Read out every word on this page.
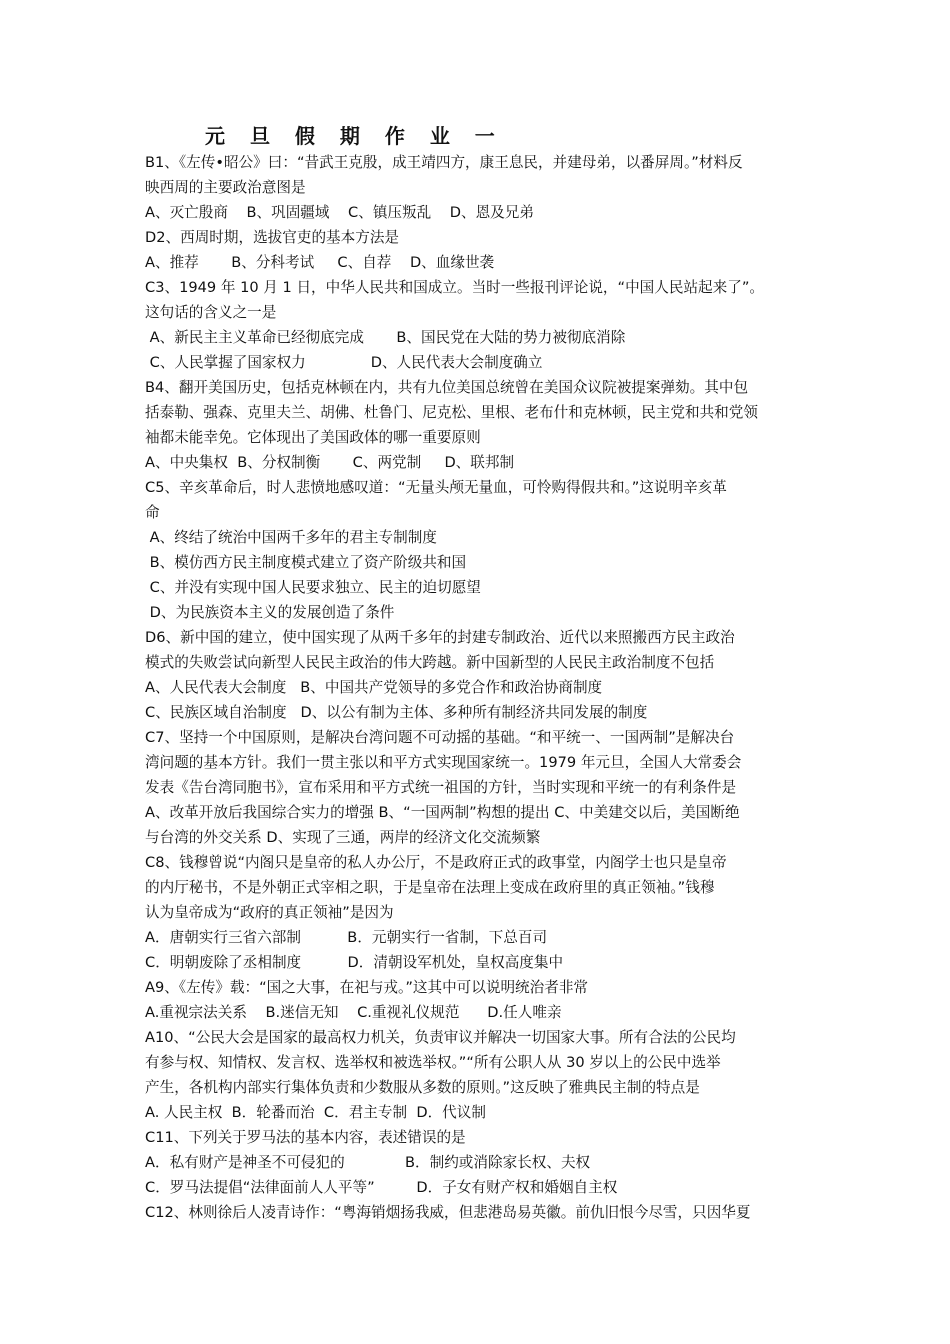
元 旦 假 期 作 业 一
B1、《左传•昭公》曰：“昔武王克殷，成王靖四方，康王息民，并建母弟，以番屏周。”材料反
映西周的主要政治意图是
A、灭亡殷商    B、巩固疆域    C、镇压叛乱    D、恩及兄弟
D2、西周时期，选拔官吏的基本方法是
A、推荐       B、分科考试     C、自荐    D、血缘世袭
C3、1949 年 10 月 1 日，中华人民共和国成立。当时一些报刊评论说，“中国人民站起来了”。
这句话的含义之一是
A、新民主主义革命已经彻底完成       B、国民党在大陆的势力被彻底消除
C、人民掌握了国家权力              D、人民代表大会制度确立
B4、翻开美国历史，包括克林顿在内，共有九位美国总统曾在美国众议院被提案弹劾。其中包
括泰勒、强森、克里夫兰、胡佛、杜鲁门、尼克松、里根、老布什和克林顿，民主党和共和党领
袖都未能幸免。它体现出了美国政体的哪一重要原则
A、中央集权  B、分权制衡       C、两党制     D、联邦制
C5、辛亥革命后，时人悲愤地感叹道：“无量头颅无量血，可怜购得假共和。”这说明辛亥革
命
A、终结了统治中国两千多年的君主专制制度
B、模仿西方民主制度模式建立了资产阶级共和国
C、并没有实现中国人民要求独立、民主的迫切愿望
D、为民族资本主义的发展创造了条件
D6、新中国的建立，使中国实现了从两千多年的封建专制政治、近代以来照搬西方民主政治
模式的失败尝试向新型人民民主政治的伟大跨越。新中国新型的人民民主政治制度不包括
A、人民代表大会制度   B、中国共产党领导的多党合作和政治协商制度
C、民族区域自治制度   D、以公有制为主体、多种所有制经济共同发展的制度
C7、坚持一个中国原则，是解决台湾问题不可动摇的基础。“和平统一、一国两制”是解决台
湾问题的基本方针。我们一贯主张以和平方式实现国家统一。1979 年元旦，全国人大常委会
发表《告台湾同胞书》，宣布采用和平方式统一祖国的方针，当时实现和平统一的有利条件是
A、改革开放后我国综合实力的增强 B、“一国两制”构想的提出 C、中美建交以后，美国断绝
与台湾的外交关系 D、实现了三通，两岸的经济文化交流频繁
C8、钱穆曾说“内阁只是皇帝的私人办公厅，不是政府正式的政事堂，内阁学士也只是皇帝
的内厅秘书，不是外朝正式宰相之职，于是皇帝在法理上变成在政府里的真正领袖。”钱穆
认为皇帝成为“政府的真正领袖”是因为
A．唐朝实行三省六部制          B．元朝实行一省制，下总百司
C．明朝废除了丞相制度          D．清朝设军机处，皇权高度集中
A9、《左传》载：“国之大事，在祀与戎。”这其中可以说明统治者非常
A.重视宗法关系    B.迷信无知    C.重视礼仪规范      D.任人唯亲
A10、“公民大会是国家的最高权力机关，负责审议并解决一切国家大事。所有合法的公民均
有参与权、知情权、发言权、选举权和被选举权。”“所有公职人从 30 岁以上的公民中选举
产生，各机构内部实行集体负责和少数服从多数的原则。”这反映了雅典民主制的特点是
A. 人民主权  B．轮番而治  C．君主专制  D．代议制
C11、下列关于罗马法的基本内容，表述错误的是
A．私有财产是神圣不可侵犯的             B．制约或消除家长权、夫权
C．罗马法提倡“法律面前人人平等”         D．子女有财产权和婚姻自主权
C12、林则徐后人凌青诗作：“粤海销烟扬我威，但悲港岛易英徽。前仇旧恨今尽雪，只因华夏
